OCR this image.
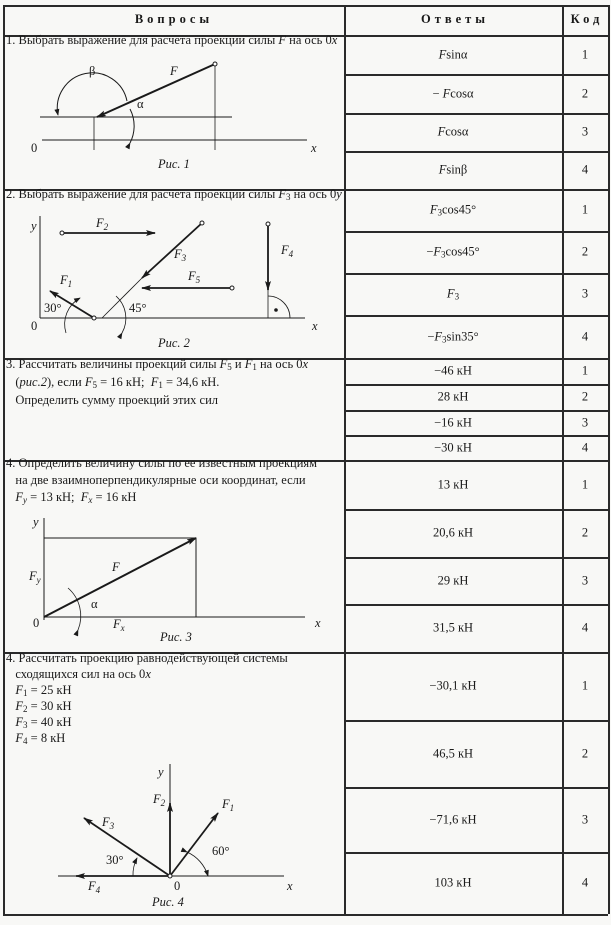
Вопросы	Ответы	Код
1. Выбрать выражение для расчета проекции силы F на ось 0x
Fsinα	1
− Fcosα	2
Fcosα	3
Fsinβ	4
2. Выбрать выражение для расчета проекции силы $F_3$ на ось 0y
$F_3\cos 45^\circ$	1
$-F_3\cos 45^\circ$	2
$F_3$	3
$-F_3\sin 35^\circ$	4
3. Рассчитать величины проекций силы $F_5$ и $F_1$ на ось 0x
(рис.2), если $F_5 = 16$ кН;  $F_1 = 34,6$ кН.
Определить сумму проекций этих сил
−46 кН	1
28 кН	2
−16 кН	3
−30 кН	4
4. Определить величину силы по ее известным проекциям
на две взаимноперпендикулярные оси координат, если
$F_y = 13$ кН;  $F_x = 16$ кН
13 кН	1
20,6 кН	2
29 кН	3
31,5 кН	4
4. Рассчитать проекцию равнодействующей системы
сходящихся сил на ось 0x
$F_1 = 25$ кН
$F_2 = 30$ кН
$F_3 = 40$ кН
$F_4 = 8$ кН
−30,1 кН	1
46,5 кН	2
−71,6 кН	3
103 кН	4
F
β
α
0	x
Рис. 1
y
0	x
$F_2$
$F_3$
$F_5$
$F_4$
$F_1$
30°	45°
Рис. 2
y
F
$F_y$
α
$F_x$
0	x
Рис. 3
y
$F_2$	$F_1$
$F_3$
$F_4$
30°
60°
0	x
Рис. 4
